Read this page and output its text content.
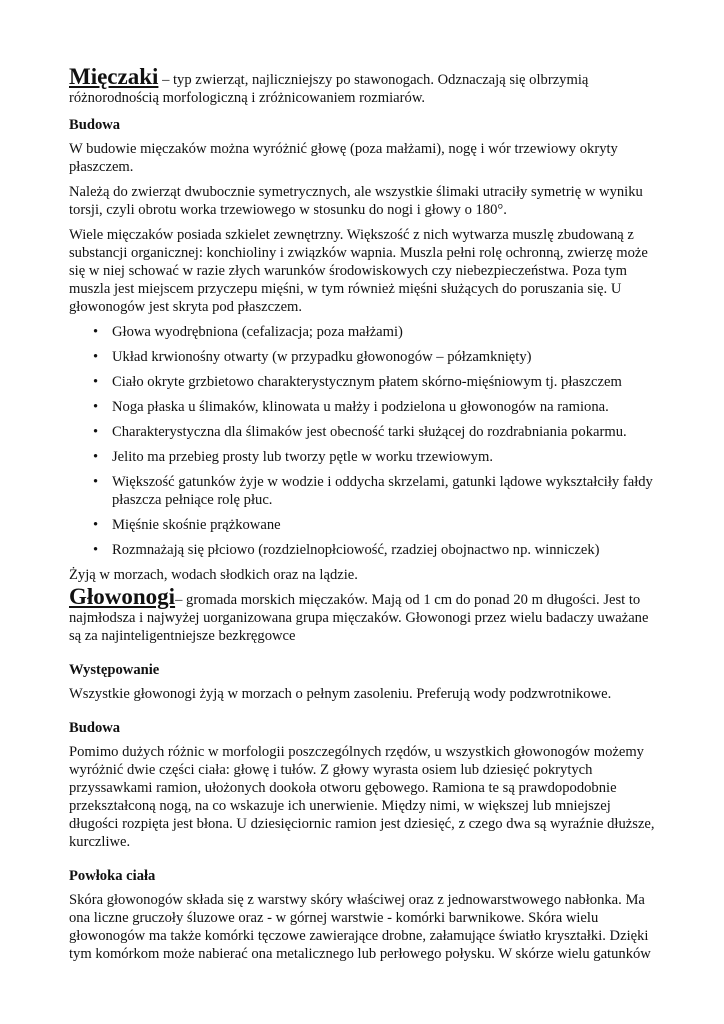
Mięczaki – typ zwierząt, najliczniejszy po stawonogach. Odznaczają się olbrzymią różnorodnością morfologiczną i zróżnicowaniem rozmiarów.

Budowa

W budowie mięczaków można wyróżnić głowę (poza małżami), nogę i wór trzewiowy okryty płaszczem.

Należą do zwierząt dwubocznie symetrycznych, ale wszystkie ślimaki utraciły symetrię w wyniku torsji, czyli obrotu worka trzewiowego w stosunku do nogi i głowy o 180°.

Wiele mięczaków posiada szkielet zewnętrzny. Większość z nich wytwarza muszlę zbudowaną z substancji organicznej: konchioliny i związków wapnia. Muszla pełni rolę ochronną, zwierzę może się w niej schować w razie złych warunków środowiskowych czy niebezpieczeństwa. Poza tym muszla jest miejscem przyczepu mięśni, w tym również mięśni służących do poruszania się. U głowonogów jest skryta pod płaszczem.

• Głowa wyodrębniona (cefalizacja; poza małżami)
• Układ krwionośny otwarty (w przypadku głowonogów – półzamknięty)
• Ciało okryte grzbietowo charakterystycznym płatem skórno-mięśniowym tj. płaszczem
• Noga płaska u ślimaków, klinowata u małży i podzielona u głowonogów na ramiona.
• Charakterystyczna dla ślimaków jest obecność tarki służącej do rozdrabniania pokarmu.
• Jelito ma przebieg prosty lub tworzy pętle w worku trzewiowym.
• Większość gatunków żyje w wodzie i oddycha skrzelami, gatunki lądowe wykształciły fałdy płaszcza pełniące rolę płuc.
• Mięśnie skośnie prążkowane
• Rozmnażają się płciowo (rozdzielnopłciowość, rzadziej obojnactwo np. winniczek)

Żyją w morzach, wodach słodkich oraz na lądzie.

Głowonogi– gromada morskich mięczaków. Mają od 1 cm do ponad 20 m długości. Jest to najmłodsza i najwyżej uorganizowana grupa mięczaków. Głowonogi przez wielu badaczy uważane są za najinteligentniejsze bezkręgowce

Występowanie

Wszystkie głowonogi żyją w morzach o pełnym zasoleniu. Preferują wody podzwrotnikowe.

Budowa

Pomimo dużych różnic w morfologii poszczególnych rzędów, u wszystkich głowonogów możemy wyróżnić dwie części ciała: głowę i tułów. Z głowy wyrasta osiem lub dziesięć pokrytych przyssawkami ramion, ułożonych dookoła otworu gębowego. Ramiona te są prawdopodobnie przekształconą nogą, na co wskazuje ich unerwienie. Między nimi, w większej lub mniejszej długości rozpięta jest błona. U dziesięciornic ramion jest dziesięć, z czego dwa są wyraźnie dłuższe, kurczliwe.

Powłoka ciała

Skóra głowonogów składa się z warstwy skóry właściwej oraz z jednowarstwowego nabłonka. Ma ona liczne gruczoły śluzowe oraz - w górnej warstwie - komórki barwnikowe. Skóra wielu głowonogów ma także komórki tęczowe zawierające drobne, załamujące światło kryształki. Dzięki tym komórkom może nabierać ona metalicznego lub perłowego połysku. W skórze wielu gatunków
